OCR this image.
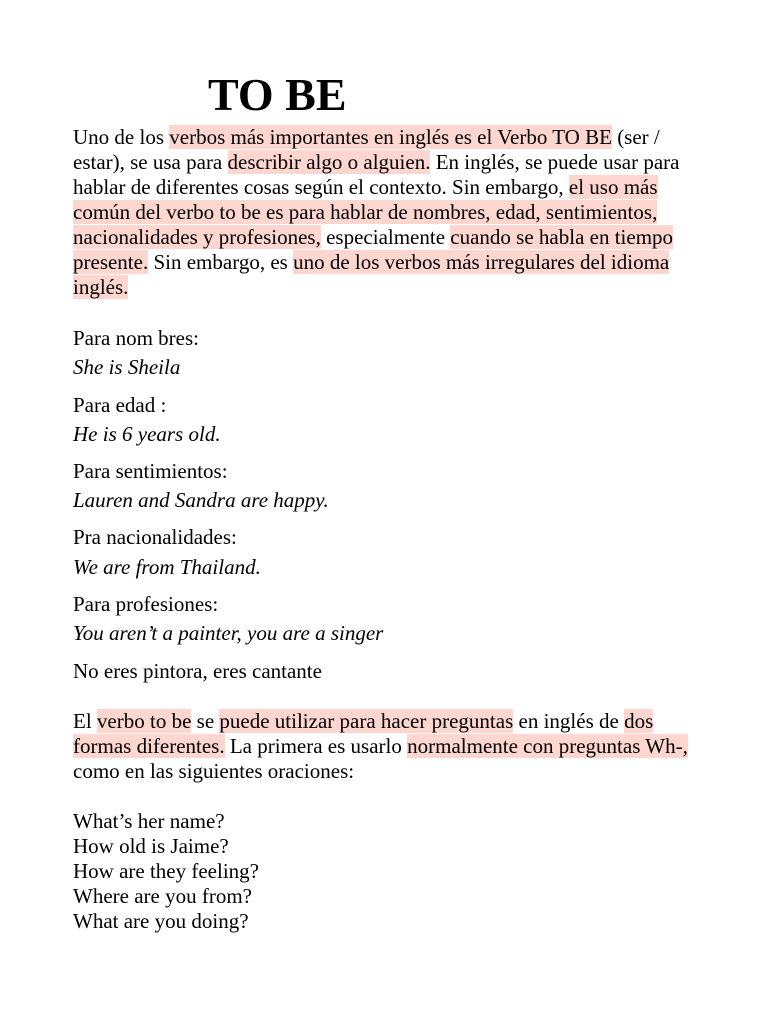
TO BE
Uno de los verbos más importantes en inglés es el Verbo TO BE (ser / estar), se usa para describir algo o alguien. En inglés, se puede usar para hablar de diferentes cosas según el contexto. Sin embargo, el uso más común del verbo to be es para hablar de nombres, edad, sentimientos, nacionalidades y profesiones, especialmente cuando se habla en tiempo presente. Sin embargo, es uno de los verbos más irregulares del idioma inglés.
Para nom bres:
She is Sheila
Para edad :
He is 6 years old.
Para sentimientos:
Lauren and Sandra are happy.
Pra nacionalidades:
We are from Thailand.
Para profesiones:
You aren’t a painter, you are a singer
No eres pintora, eres cantante
El verbo to be se puede utilizar para hacer preguntas en inglés de dos formas diferentes. La primera es usarlo normalmente con preguntas Wh-, como en las siguientes oraciones:
What’s her name?
How old is Jaime?
How are they feeling?
Where are you from?
What are you doing?
